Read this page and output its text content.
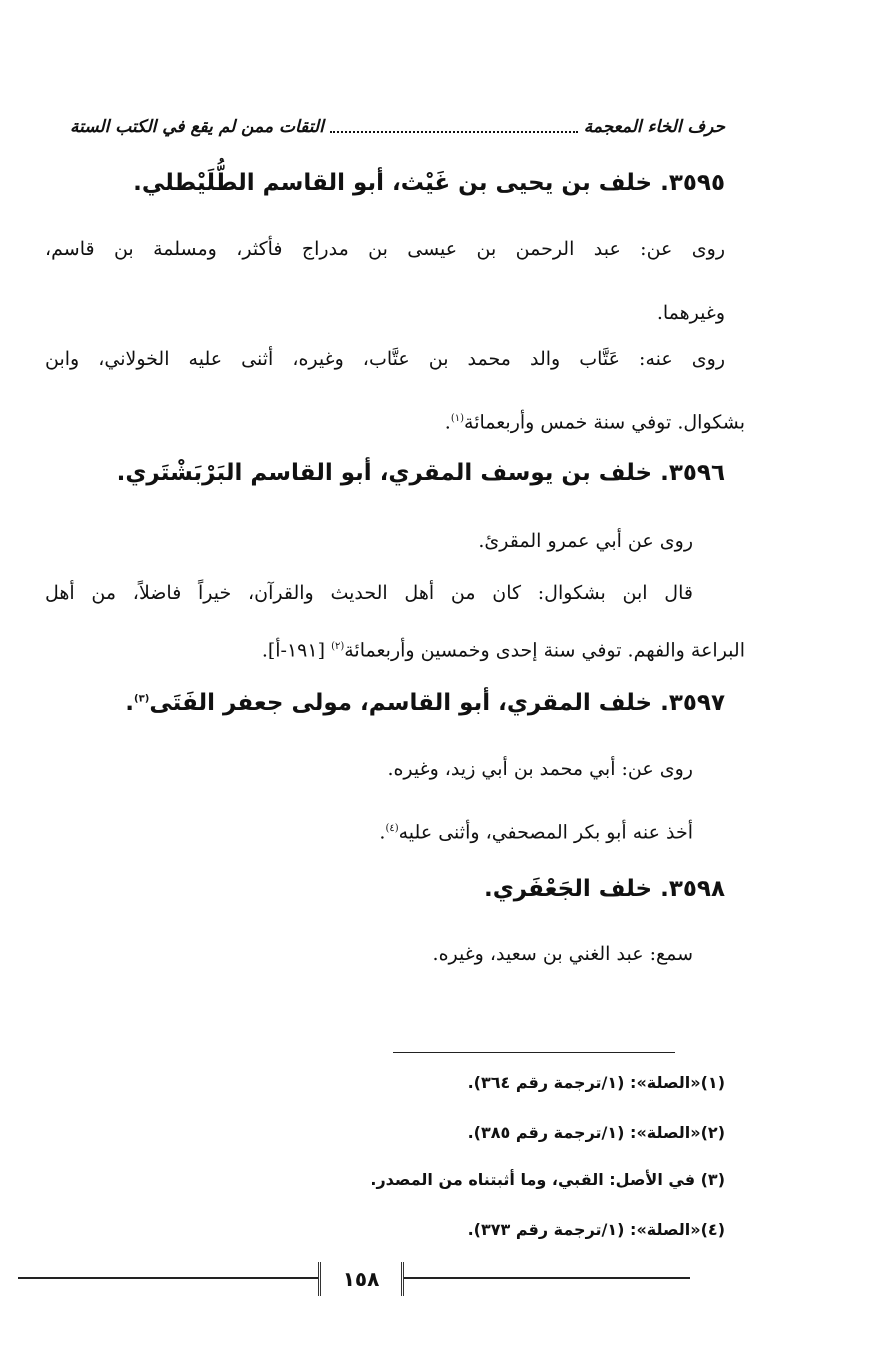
حرف الخاء المعجمة
التقات ممن لم يقع في الكتب الستة
٣٥٩٥. خلف بن يحيى بن غَيْث، أبو القاسم الطُّلَيْطلي.
روى عن: عبد الرحمن بن عيسى بن مدراج فأكثر، ومسلمة بن قاسم،
وغيرهما.
روى عنه: عَتَّاب والد محمد بن عتَّاب، وغيره، أثنى عليه الخولاني، وابن
بشكوال. توفي سنة خمس وأربعمائة$^{(١)}$.
٣٥٩٦. خلف بن يوسف المقري، أبو القاسم البَرْبَشْتَري.
روى عن أبي عمرو المقرئ.
قال ابن بشكوال: كان من أهل الحديث والقرآن، خيراً فاضلاً، من أهل
البراعة والفهم. توفي سنة إحدى وخمسين وأربعمائة$^{(٢)}$ [١٩١-أ].
٣٥٩٧. خلف المقري، أبو القاسم، مولى جعفر الفَتَى$^{(٣)}$.
روى عن: أبي محمد بن أبي زيد، وغيره.
أخذ عنه أبو بكر المصحفي، وأثنى عليه$^{(٤)}$.
٣٥٩٨. خلف الجَعْفَري.
سمع: عبد الغني بن سعيد، وغيره.
(١)«الصلة»: (١/ترجمة رقم ٣٦٤).
(٢)«الصلة»: (١/ترجمة رقم ٣٨٥).
(٣) في الأصل: القبي، وما أثبتناه من المصدر.
(٤)«الصلة»: (١/ترجمة رقم ٣٧٣).
١٥٨
